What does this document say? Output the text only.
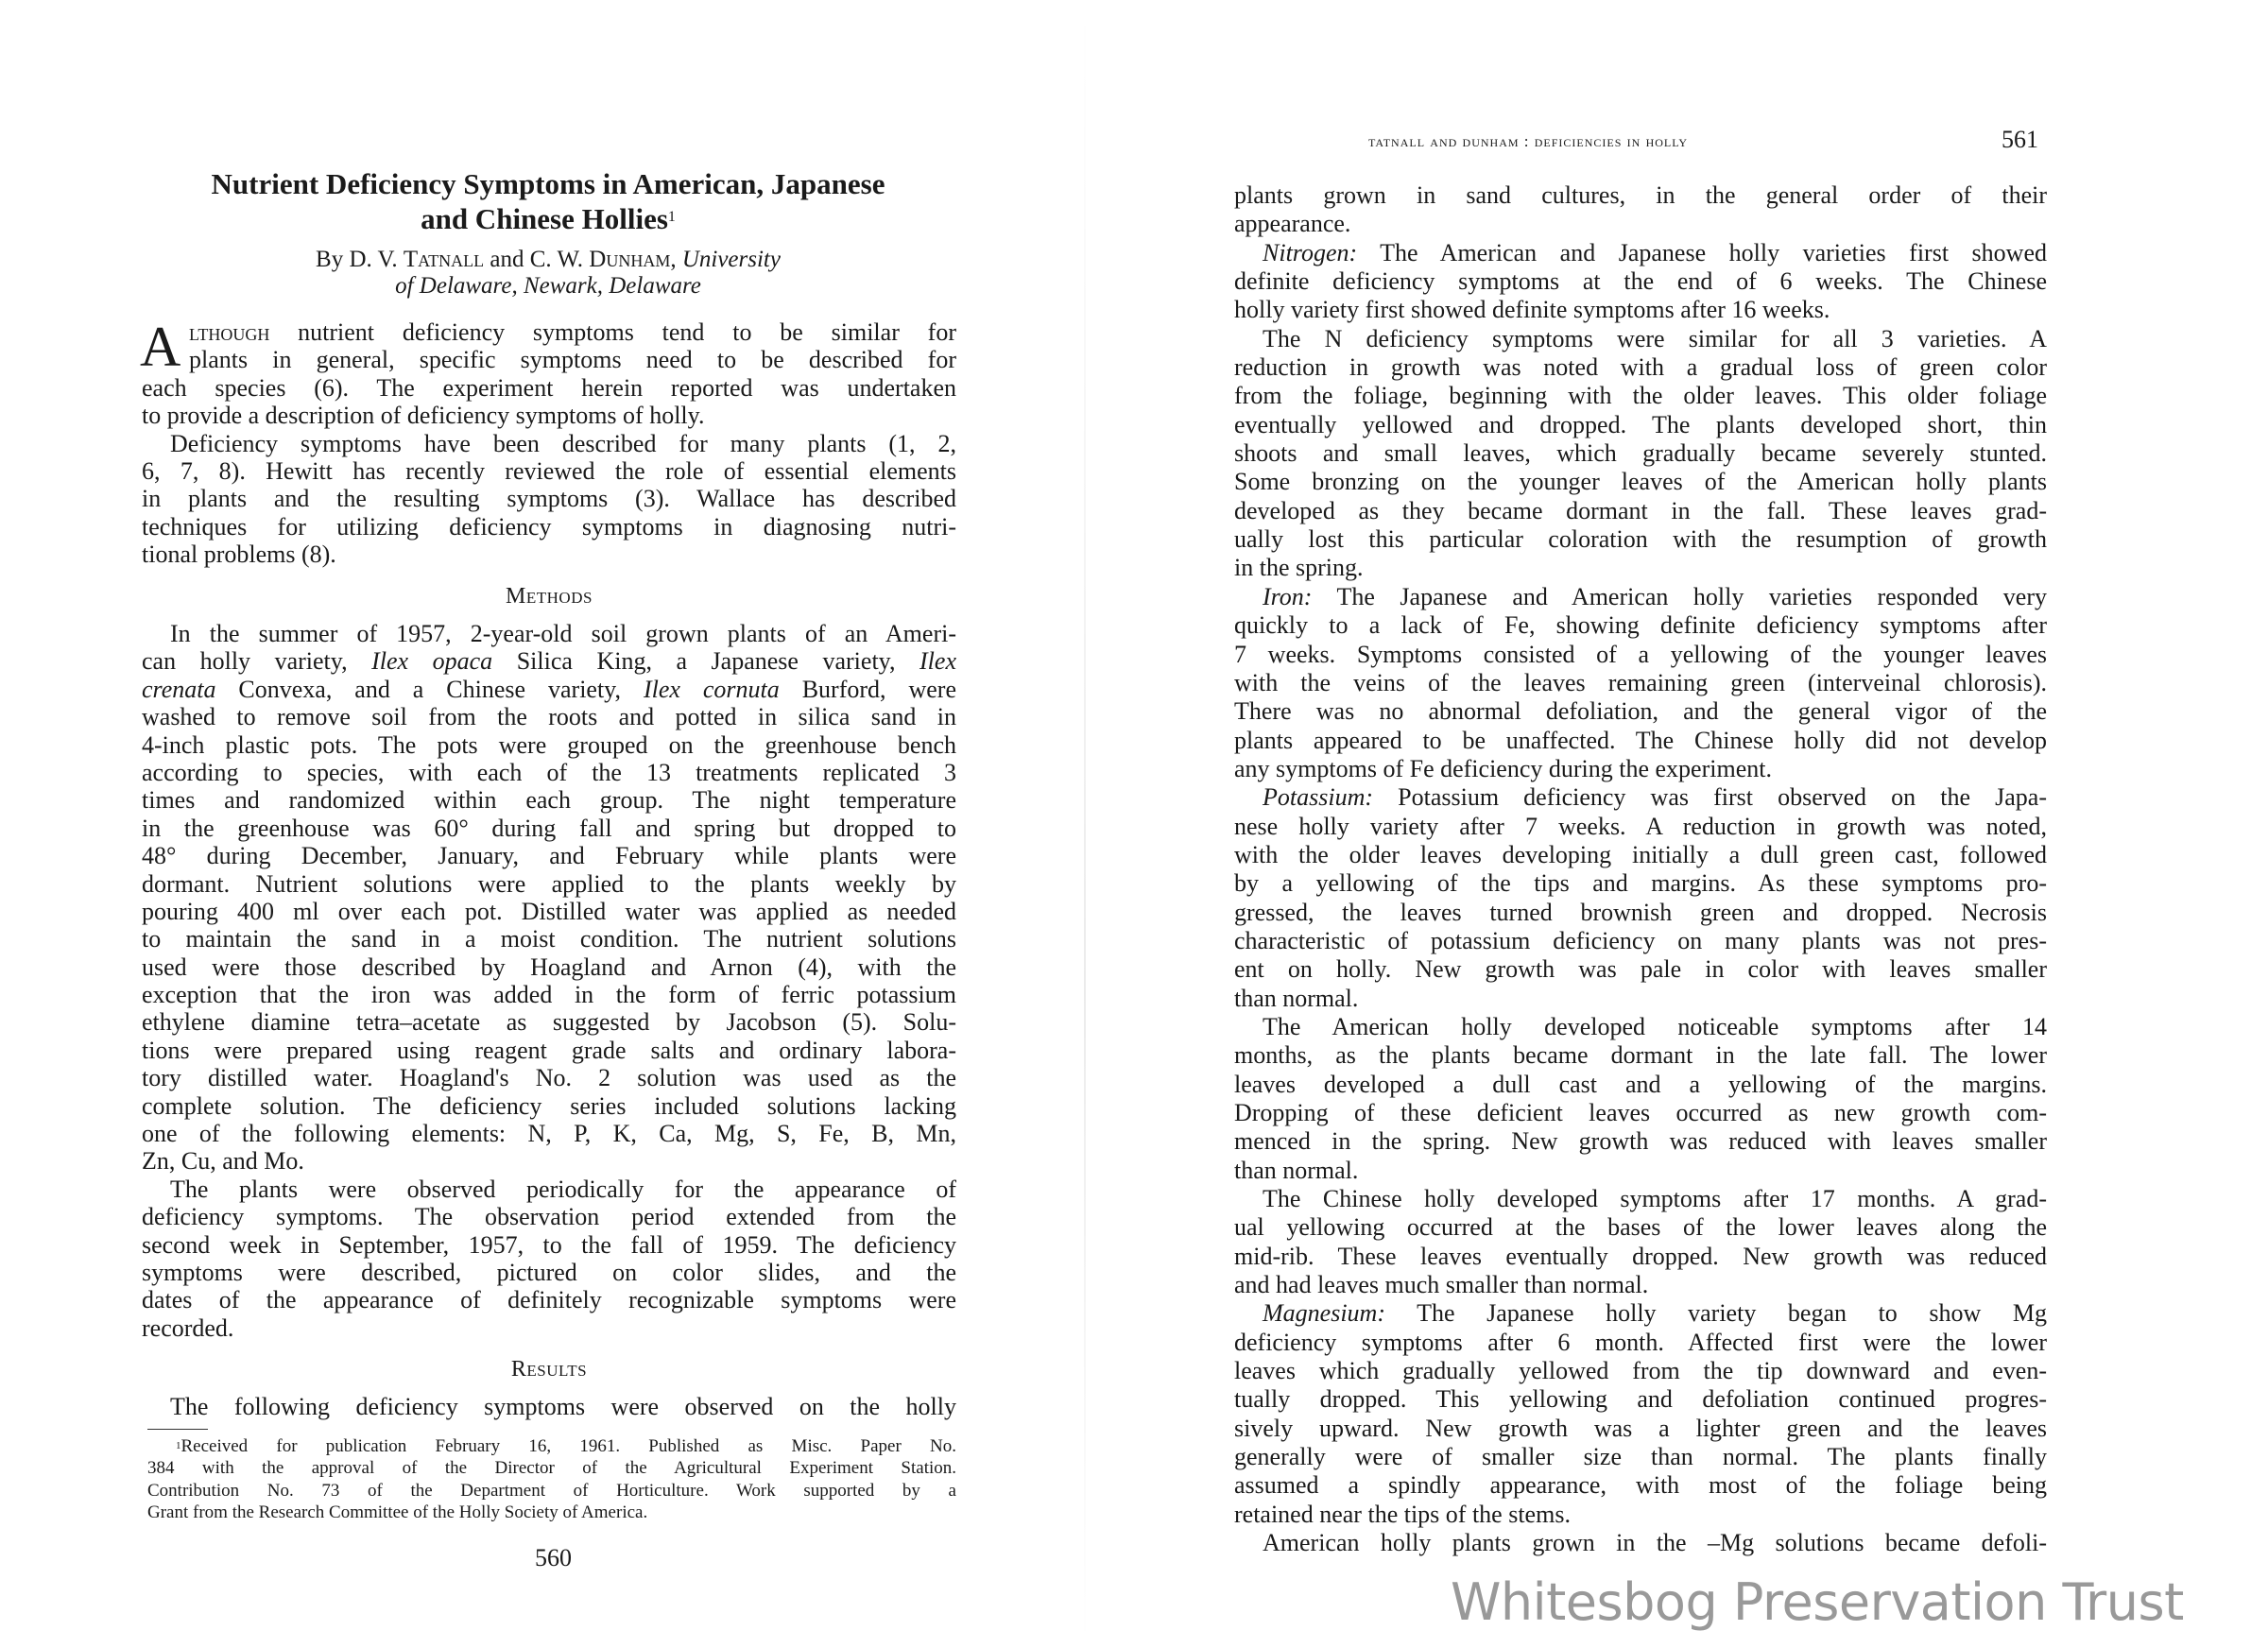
Nutrient Deficiency Symptoms in American, Japanese
and Chinese Hollies$^1$
By D. V. Tatnall and C. W. Dunham, University
of Delaware, Newark, Delaware
A lthough nutrient deficiency symptoms tend to be similar for
plants in general, specific symptoms need to be described for
each species (6). The experiment herein reported was undertaken
to provide a description of deficiency symptoms of holly.
Deficiency symptoms have been described for many plants (1, 2,
6, 7, 8). Hewitt has recently reviewed the role of essential elements
in plants and the resulting symptoms (3). Wallace has described
techniques for utilizing deficiency symptoms in diagnosing nutri-
tional problems (8).
Methods
In the summer of 1957, 2-year-old soil grown plants of an Ameri-
can holly variety, Ilex opaca Silica King, a Japanese variety, Ilex
crenata Convexa, and a Chinese variety, Ilex cornuta Burford, were
washed to remove soil from the roots and potted in silica sand in
4-inch plastic pots. The pots were grouped on the greenhouse bench
according to species, with each of the 13 treatments replicated 3
times and randomized within each group. The night temperature
in the greenhouse was 60° during fall and spring but dropped to
48° during December, January, and February while plants were
dormant. Nutrient solutions were applied to the plants weekly by
pouring 400 ml over each pot. Distilled water was applied as needed
to maintain the sand in a moist condition. The nutrient solutions
used were those described by Hoagland and Arnon (4), with the
exception that the iron was added in the form of ferric potassium
ethylene diamine tetra–acetate as suggested by Jacobson (5). Solu-
tions were prepared using reagent grade salts and ordinary labora-
tory distilled water. Hoagland's No. 2 solution was used as the
complete solution. The deficiency series included solutions lacking
one of the following elements: N, P, K, Ca, Mg, S, Fe, B, Mn,
Zn, Cu, and Mo.
The plants were observed periodically for the appearance of
deficiency symptoms. The observation period extended from the
second week in September, 1957, to the fall of 1959. The deficiency
symptoms were described, pictured on color slides, and the
dates of the appearance of definitely recognizable symptoms were
recorded.
Results
The following deficiency symptoms were observed on the holly
$^1$Received for publication February 16, 1961. Published as Misc. Paper No.
384 with the approval of the Director of the Agricultural Experiment Station.
Contribution No. 73 of the Department of Horticulture. Work supported by a
Grant from the Research Committee of the Holly Society of America.
560
tatnall and dunham : deficiencies in holly	561
plants grown in sand cultures, in the general order of their
appearance.
Nitrogen: The American and Japanese holly varieties first showed
definite deficiency symptoms at the end of 6 weeks. The Chinese
holly variety first showed definite symptoms after 16 weeks.
The N deficiency symptoms were similar for all 3 varieties. A
reduction in growth was noted with a gradual loss of green color
from the foliage, beginning with the older leaves. This older foliage
eventually yellowed and dropped. The plants developed short, thin
shoots and small leaves, which gradually became severely stunted.
Some bronzing on the younger leaves of the American holly plants
developed as they became dormant in the fall. These leaves grad-
ually lost this particular coloration with the resumption of growth
in the spring.
Iron: The Japanese and American holly varieties responded very
quickly to a lack of Fe, showing definite deficiency symptoms after
7 weeks. Symptoms consisted of a yellowing of the younger leaves
with the veins of the leaves remaining green (interveinal chlorosis).
There was no abnormal defoliation, and the general vigor of the
plants appeared to be unaffected. The Chinese holly did not develop
any symptoms of Fe deficiency during the experiment.
Potassium: Potassium deficiency was first observed on the Japa-
nese holly variety after 7 weeks. A reduction in growth was noted,
with the older leaves developing initially a dull green cast, followed
by a yellowing of the tips and margins. As these symptoms pro-
gressed, the leaves turned brownish green and dropped. Necrosis
characteristic of potassium deficiency on many plants was not pres-
ent on holly. New growth was pale in color with leaves smaller
than normal.
The American holly developed noticeable symptoms after 14
months, as the plants became dormant in the late fall. The lower
leaves developed a dull cast and a yellowing of the margins.
Dropping of these deficient leaves occurred as new growth com-
menced in the spring. New growth was reduced with leaves smaller
than normal.
The Chinese holly developed symptoms after 17 months. A grad-
ual yellowing occurred at the bases of the lower leaves along the
mid-rib. These leaves eventually dropped. New growth was reduced
and had leaves much smaller than normal.
Magnesium: The Japanese holly variety began to show Mg
deficiency symptoms after 6 month. Affected first were the lower
leaves which gradually yellowed from the tip downward and even-
tually dropped. This yellowing and defoliation continued progres-
sively upward. New growth was a lighter green and the leaves
generally were of smaller size than normal. The plants finally
assumed a spindly appearance, with most of the foliage being
retained near the tips of the stems.
American holly plants grown in the –Mg solutions became defoli-
Whitesbog Preservation Trust
